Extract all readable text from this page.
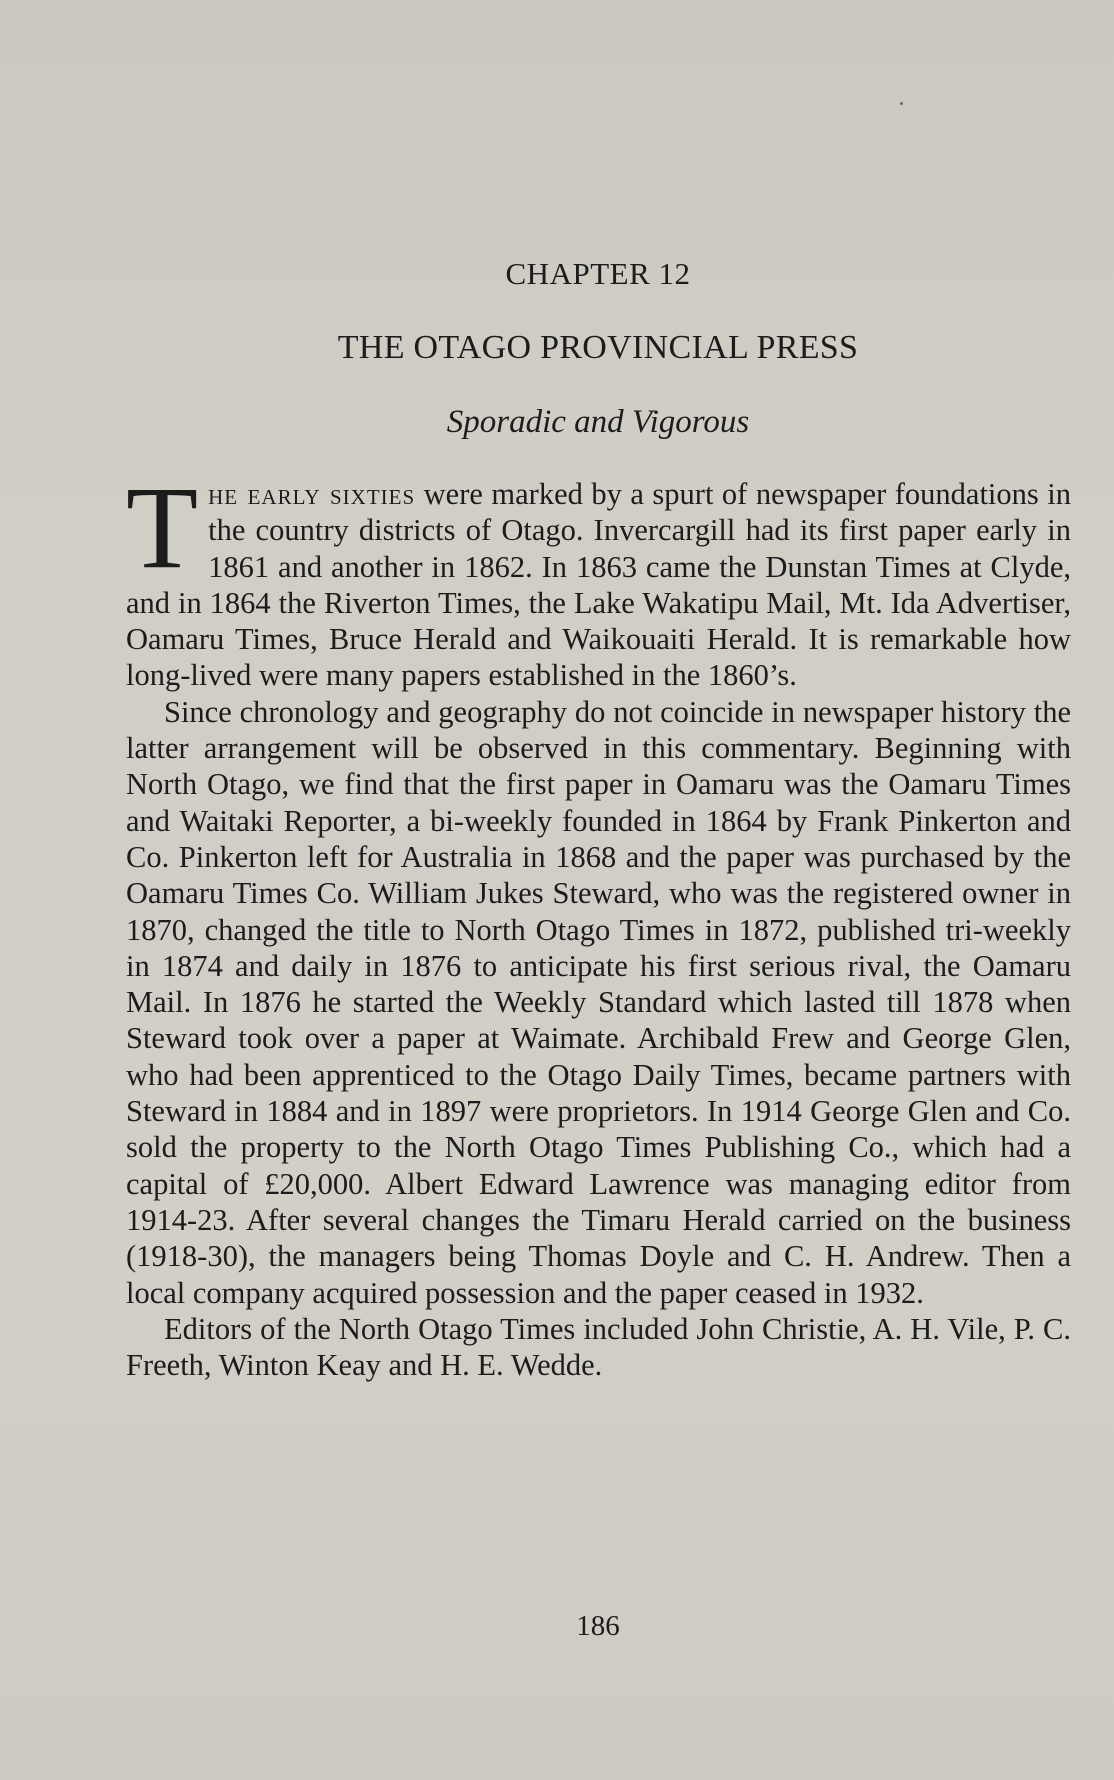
CHAPTER 12
THE OTAGO PROVINCIAL PRESS
Sporadic and Vigorous

The early sixties were marked by a spurt of newspaper foundations in the country districts of Otago. Invercargill had its first paper early in 1861 and another in 1862. In 1863 came the Dunstan Times at Clyde, and in 1864 the Riverton Times, the Lake Wakatipu Mail, Mt. Ida Advertiser, Oamaru Times, Bruce Herald and Waikouaiti Herald. It is remarkable how long-lived were many papers established in the 1860’s.

Since chronology and geography do not coincide in newspaper history the latter arrangement will be observed in this commentary. Beginning with North Otago, we find that the first paper in Oamaru was the Oamaru Times and Waitaki Reporter, a bi-weekly founded in 1864 by Frank Pinkerton and Co. Pinkerton left for Australia in 1868 and the paper was purchased by the Oamaru Times Co. William Jukes Steward, who was the registered owner in 1870, changed the title to North Otago Times in 1872, published tri-weekly in 1874 and daily in 1876 to anticipate his first serious rival, the Oamaru Mail. In 1876 he started the Weekly Standard which lasted till 1878 when Steward took over a paper at Waimate. Archibald Frew and George Glen, who had been apprenticed to the Otago Daily Times, became partners with Steward in 1884 and in 1897 were proprietors. In 1914 George Glen and Co. sold the property to the North Otago Times Publishing Co., which had a capital of £20,000. Albert Edward Lawrence was managing editor from 1914-23. After several changes the Timaru Herald carried on the business (1918-30), the managers being Thomas Doyle and C. H. Andrew. Then a local company acquired possession and the paper ceased in 1932.

Editors of the North Otago Times included John Christie, A. H. Vile, P. C. Freeth, Winton Keay and H. E. Wedde.

186
